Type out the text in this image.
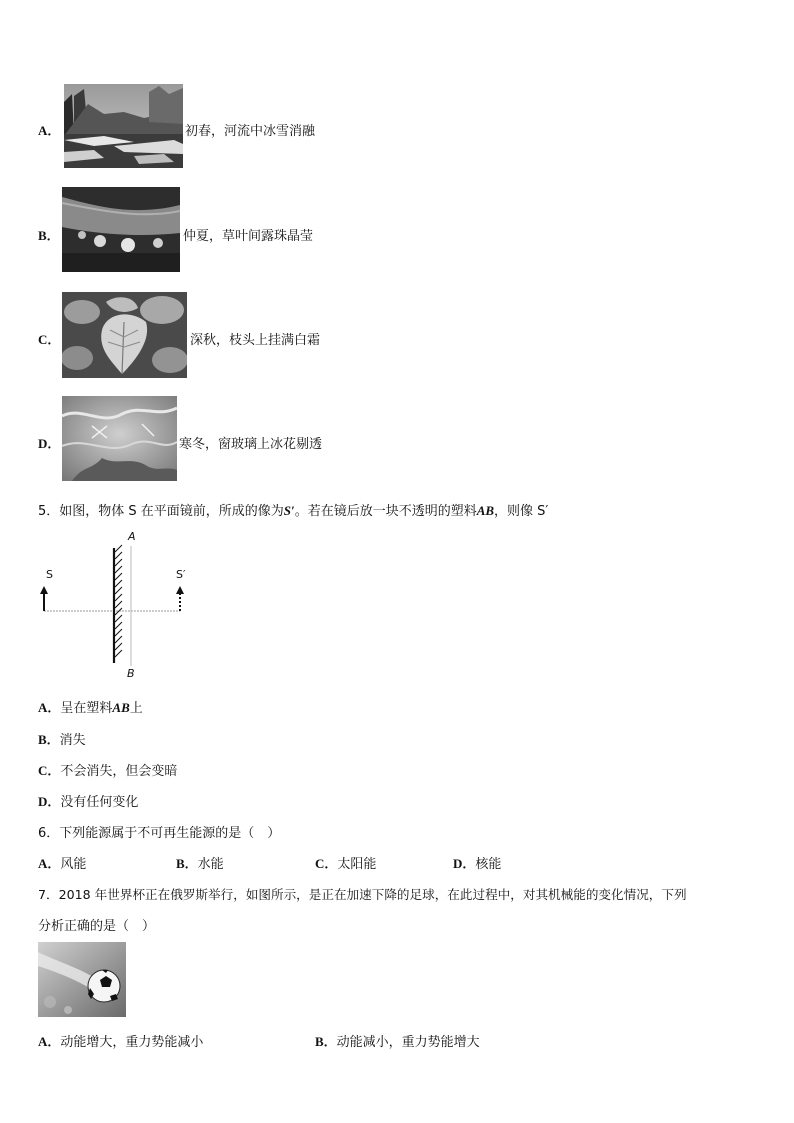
A．	初春，河流中冰雪消融
B．	仲夏，草叶间露珠晶莹
C．	深秋，枝头上挂满白霜
D．	寒冬，窗玻璃上冰花剔透
5．如图，物体 S 在平面镜前，所成的像为S′。若在镜后放一块不透明的塑料AB，则像 S′
S	S′
A
B
A．呈在塑料AB上
B．消失
C．不会消失，但会变暗
D．没有任何变化
6．下列能源属于不可再生能源的是（　）
A．风能	B．水能	C．太阳能	D．核能
7．2018 年世界杯正在俄罗斯举行，如图所示，是正在加速下降的足球，在此过程中，对其机械能的变化情况，下列
分析正确的是（　）
A．动能增大，重力势能减小	B．动能减小，重力势能增大
